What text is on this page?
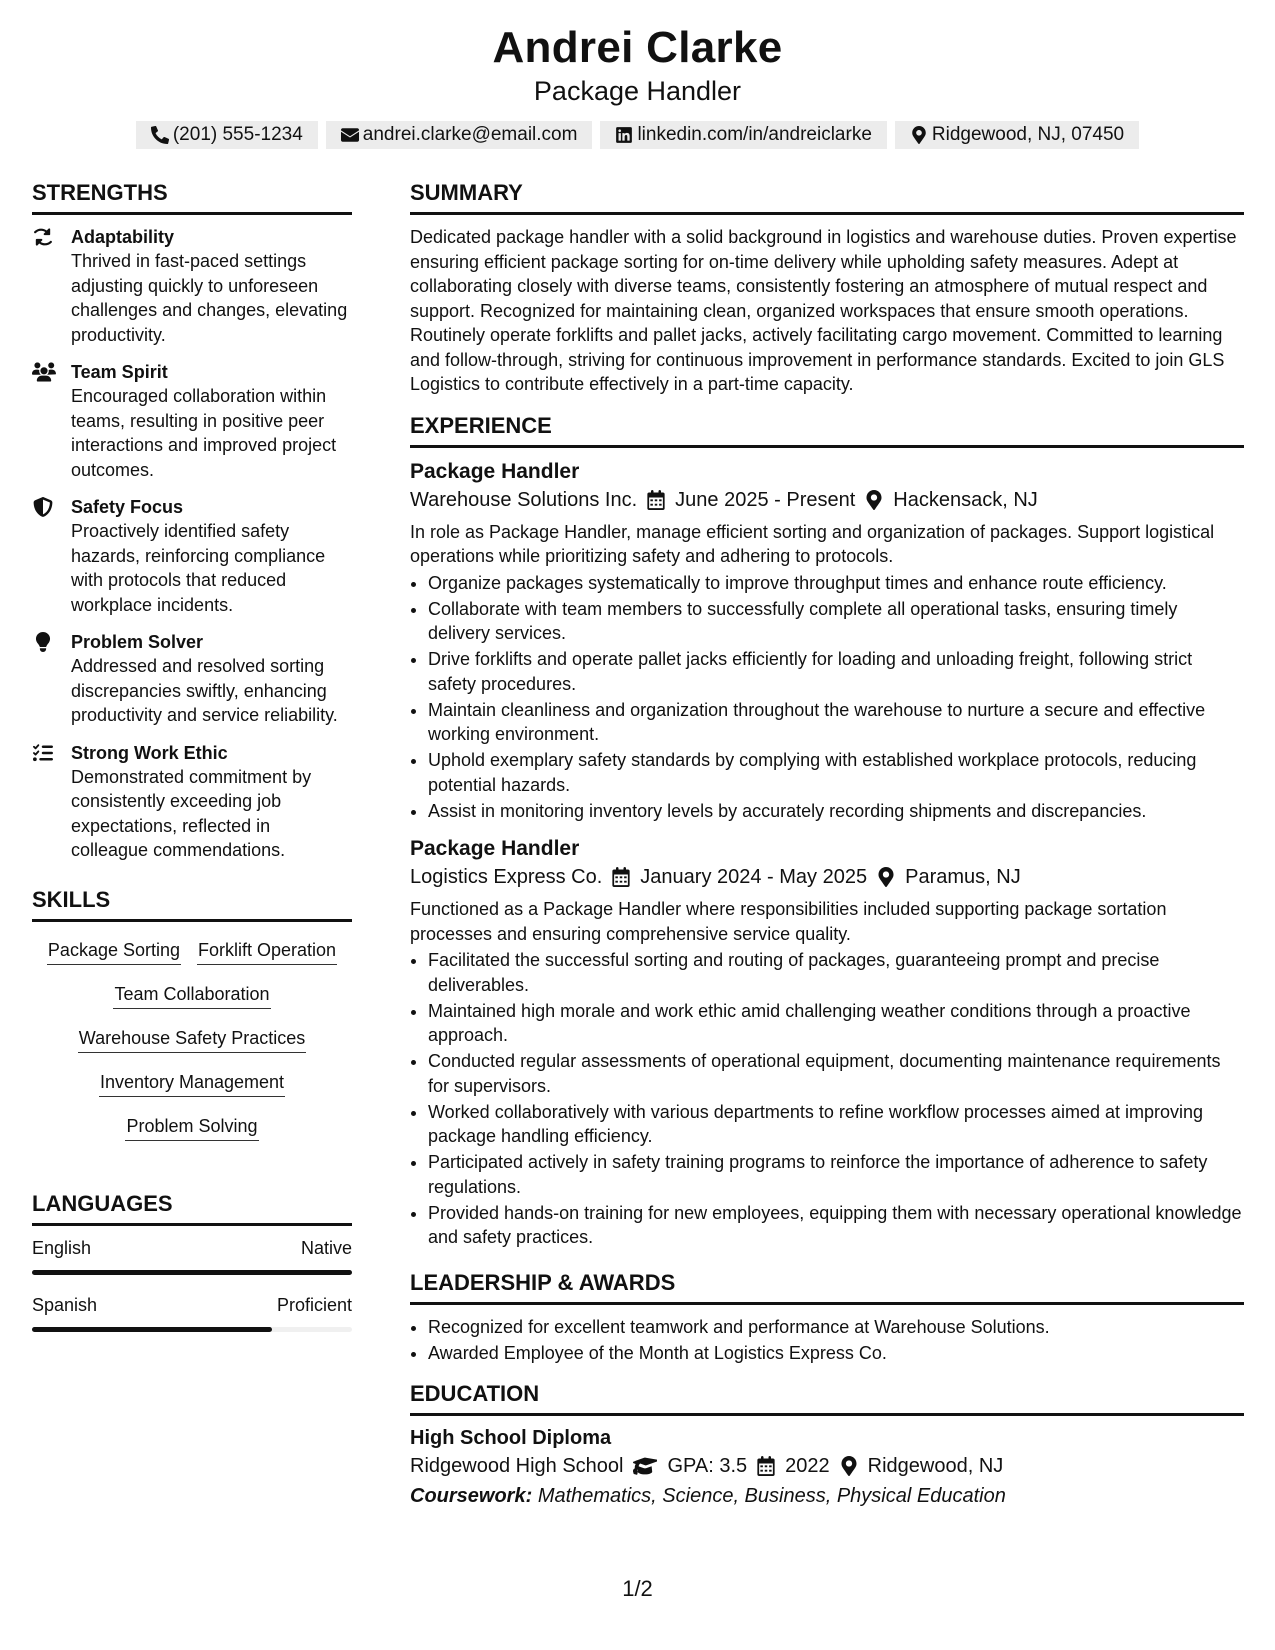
Andrei Clarke
Package Handler
(201) 555-1234	andrei.clarke@email.com	linkedin.com/in/andreiclarke	Ridgewood, NJ, 07450
STRENGTHS
Adaptability
Thrived in fast-paced settings adjusting quickly to unforeseen challenges and changes, elevating productivity.
Team Spirit
Encouraged collaboration within teams, resulting in positive peer interactions and improved project outcomes.
Safety Focus
Proactively identified safety hazards, reinforcing compliance with protocols that reduced workplace incidents.
Problem Solver
Addressed and resolved sorting discrepancies swiftly, enhancing productivity and service reliability.
Strong Work Ethic
Demonstrated commitment by consistently exceeding job expectations, reflected in colleague commendations.
SKILLS
Package Sorting Forklift Operation
Team Collaboration
Warehouse Safety Practices
Inventory Management
Problem Solving
LANGUAGES
English	Native
Spanish	Proficient
SUMMARY
Dedicated package handler with a solid background in logistics and warehouse duties. Proven expertise ensuring efficient package sorting for on-time delivery while upholding safety measures. Adept at collaborating closely with diverse teams, consistently fostering an atmosphere of mutual respect and support. Recognized for maintaining clean, organized workspaces that ensure smooth operations. Routinely operate forklifts and pallet jacks, actively facilitating cargo movement. Committed to learning and follow-through, striving for continuous improvement in performance standards. Excited to join GLS Logistics to contribute effectively in a part-time capacity.
EXPERIENCE
Package Handler
Warehouse Solutions Inc. June 2025 - Present Hackensack, NJ
In role as Package Handler, manage efficient sorting and organization of packages. Support logistical operations while prioritizing safety and adhering to protocols.
• Organize packages systematically to improve throughput times and enhance route efficiency.
• Collaborate with team members to successfully complete all operational tasks, ensuring timely delivery services.
• Drive forklifts and operate pallet jacks efficiently for loading and unloading freight, following strict safety procedures.
• Maintain cleanliness and organization throughout the warehouse to nurture a secure and effective working environment.
• Uphold exemplary safety standards by complying with established workplace protocols, reducing potential hazards.
• Assist in monitoring inventory levels by accurately recording shipments and discrepancies.
Package Handler
Logistics Express Co. January 2024 - May 2025 Paramus, NJ
Functioned as a Package Handler where responsibilities included supporting package sortation processes and ensuring comprehensive service quality.
• Facilitated the successful sorting and routing of packages, guaranteeing prompt and precise deliverables.
• Maintained high morale and work ethic amid challenging weather conditions through a proactive approach.
• Conducted regular assessments of operational equipment, documenting maintenance requirements for supervisors.
• Worked collaboratively with various departments to refine workflow processes aimed at improving package handling efficiency.
• Participated actively in safety training programs to reinforce the importance of adherence to safety regulations.
• Provided hands-on training for new employees, equipping them with necessary operational knowledge and safety practices.
LEADERSHIP & AWARDS
• Recognized for excellent teamwork and performance at Warehouse Solutions.
• Awarded Employee of the Month at Logistics Express Co.
EDUCATION
High School Diploma
Ridgewood High School GPA: 3.5 2022 Ridgewood, NJ
Coursework: Mathematics, Science, Business, Physical Education
1/2
